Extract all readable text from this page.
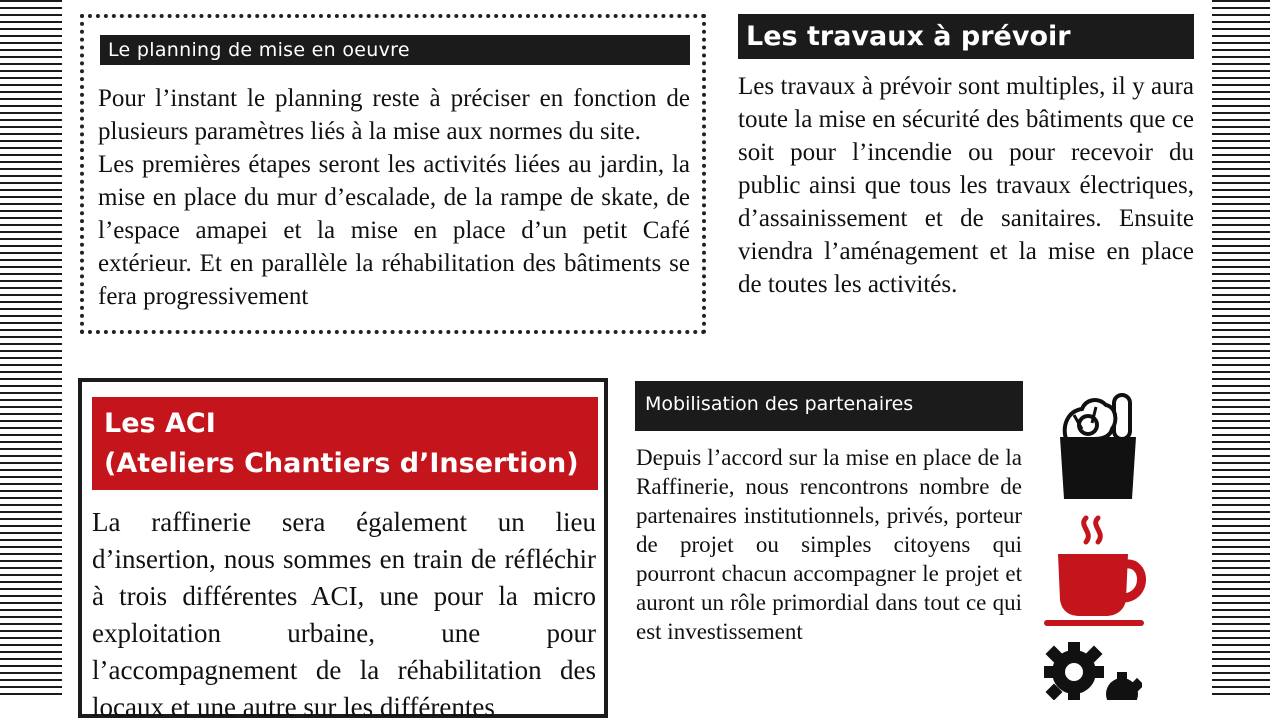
Le planning de mise en oeuvre

Pour l’instant le planning reste à préciser en fonction de plusieurs paramètres liés à la mise aux normes du site.

Les premières étapes seront les activités liées au jardin, la mise en place du mur d’escalade, de la rampe de skate, de l’espace amapei et la mise en place d’un petit Café extérieur. Et en parallèle la réhabilitation des bâtiments se fera progressivement

Les travaux à prévoir

Les travaux à prévoir sont multiples, il y aura toute la mise en sécurité des bâtiments que ce soit pour l’incendie ou pour recevoir du public ainsi que tous les travaux électriques, d’assainissement et de sanitaires. Ensuite viendra l’aménagement et la mise en place de toutes les activités.

Les ACI
(Ateliers Chantiers d’Insertion)

La raffinerie sera également un lieu d’insertion, nous sommes en train de réfléchir à trois différentes ACI, une pour la micro exploitation urbaine, une pour l’accompagnement de la réhabilitation des locaux et une autre sur les différentes

Mobilisation des partenaires

Depuis l’accord sur la mise en place de la Raffinerie, nous rencontrons nombre de partenaires institutionnels, privés, porteur de projet ou simples citoyens qui pourront chacun accompagner le projet et auront un rôle primordial dans tout ce qui est investissement
